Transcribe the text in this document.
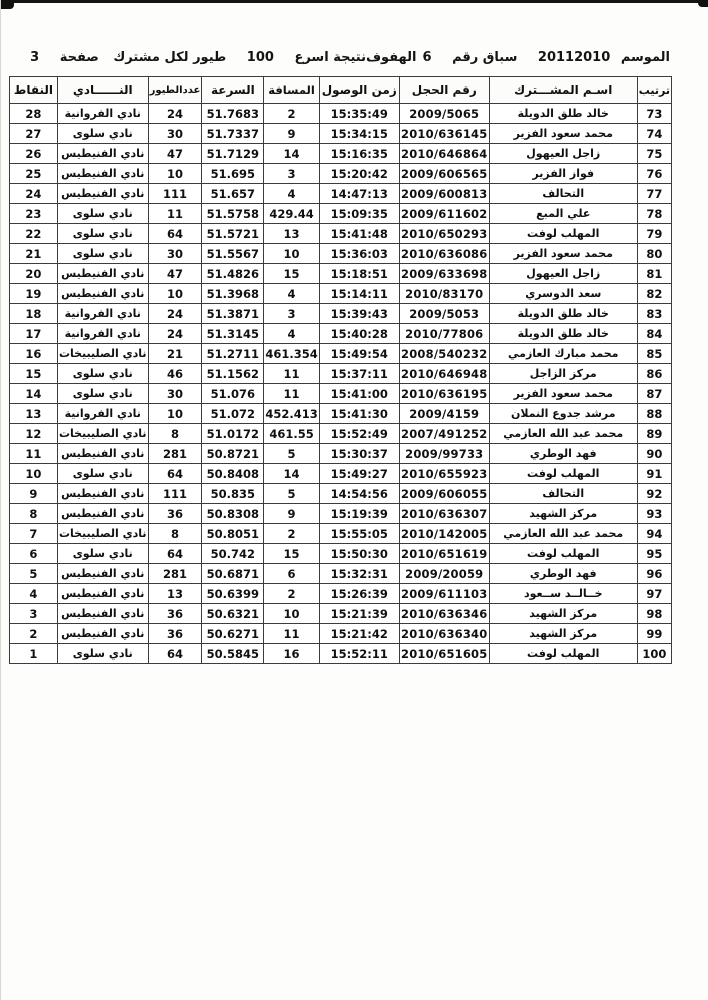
الموسم 20112010 سباق رقم 6
الهفوف
نتيجة اسرع 100 طيور لكل مشترك صفحة 3
ترتيب	اسـم المشـــترك	رقم الحجل	زمن الوصول	المسافة	السرعة	عددالطيور	النــــــادي	النقاط
73	خالد طلق الدويلة	2009/5065	15:35:49	2	51.7683	24	نادي الفروانية	28
74	محمد سعود الفزير	2010/636145	15:34:15	9	51.7337	30	نادي سلوى	27
75	زاجل العيهول	2010/646864	15:16:35	14	51.7129	47	نادي الفنيطيس	26
76	فواز الفزير	2009/606565	15:20:42	3	51.695	10	نادي الفنيطيس	25
77	التحالف	2009/600813	14:47:13	4	51.657	111	نادي الفنيطيس	24
78	علي المبع	2009/611602	15:09:35	429.44	51.5758	11	نادي سلوى	23
79	المهلب لوفت	2010/650293	15:41:48	13	51.5721	64	نادي سلوى	22
80	محمد سعود الفزير	2010/636086	15:36:03	10	51.5567	30	نادي سلوى	21
81	زاجل العيهول	2009/633698	15:18:51	15	51.4826	47	نادي الفنيطيس	20
82	سعد الدوسري	2010/83170	15:14:11	4	51.3968	10	نادي الفنيطيس	19
83	خالد طلق الدويلة	2009/5053	15:39:43	3	51.3871	24	نادي الفروانية	18
84	خالد طلق الدويلة	2010/77806	15:40:28	4	51.3145	24	نادي الفروانية	17
85	محمد مبارك العازمي	2008/540232	15:49:54	461.354	51.2711	21	نادي الصليبيخات	16
86	مركز الزاجل	2010/646948	15:37:11	11	51.1562	46	نادي سلوى	15
87	محمد سعود الفزير	2010/636195	15:41:00	11	51.076	30	نادي سلوى	14
88	مرشد جدوع النملان	2009/4159	15:41:30	452.413	51.072	10	نادي الفروانية	13
89	محمد عبد الله العازمي	2007/491252	15:52:49	461.55	51.0172	8	نادي الصليبيخات	12
90	فهد الوطري	2009/99733	15:30:37	5	50.8721	281	نادي الفنيطيس	11
91	المهلب لوفت	2010/655923	15:49:27	14	50.8408	64	نادي سلوى	10
92	التحالف	2009/606055	14:54:56	5	50.835	111	نادي الفنيطيس	9
93	مركز الشهيد	2010/636307	15:19:39	9	50.8308	36	نادي الفنيطيس	8
94	محمد عبد الله العازمي	2010/142005	15:55:05	2	50.8051	8	نادي الصليبيخات	7
95	المهلب لوفت	2010/651619	15:50:30	15	50.742	64	نادي سلوى	6
96	فهد الوطري	2009/20059	15:32:31	6	50.6871	281	نادي الفنيطيس	5
97	خــالــد ســعود	2009/611103	15:26:39	2	50.6399	13	نادي الفنيطيس	4
98	مركز الشهيد	2010/636346	15:21:39	10	50.6321	36	نادي الفنيطيس	3
99	مركز الشهيد	2010/636340	15:21:42	11	50.6271	36	نادي الفنيطيس	2
100	المهلب لوفت	2010/651605	15:52:11	16	50.5845	64	نادي سلوى	1
